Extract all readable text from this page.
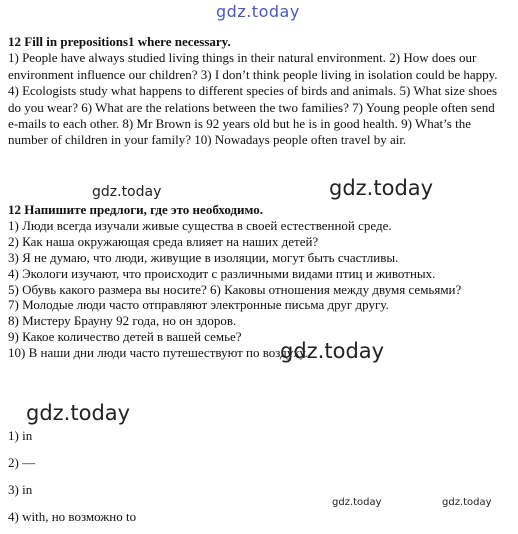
gdz.today
12 Fill in prepositions1 where necessary.
1) People have always studied living things in their natural environment. 2) How does our environment influence our children? 3) I don’t think people living in isolation could be happy. 4) Ecologists study what happens to different species of birds and animals. 5) What size shoes do you wear? 6) What are the relations between the two families? 7) Young people often send e-mails to each other. 8) Mr Brown is 92 years old but he is in good health. 9) What’s the number of children in your family? 10) Nowadays people often travel by air.
gdz.today
gdz.today
12 Напишите предлоги, где это необходимо.
1) Люди всегда изучали живые существа в своей естественной среде.
2) Как наша окружающая среда влияет на наших детей?
3) Я не думаю, что люди, живущие в изоляции, могут быть счастливы.
4) Экологи изучают, что происходит с различными видами птиц и животных.
5) Обувь какого размера вы носите? 6) Каковы отношения между двумя семьями?
7) Молодые люди часто отправляют электронные письма друг другу.
8) Мистеру Брауну 92 года, но он здоров.
9) Какое количество детей в вашей семье?
10) В наши дни люди часто путешествуют по воздуху.
gdz.today
gdz.today
1) in
2) —
3) in
4) with, но возможно to
gdz.today	gdz.today
